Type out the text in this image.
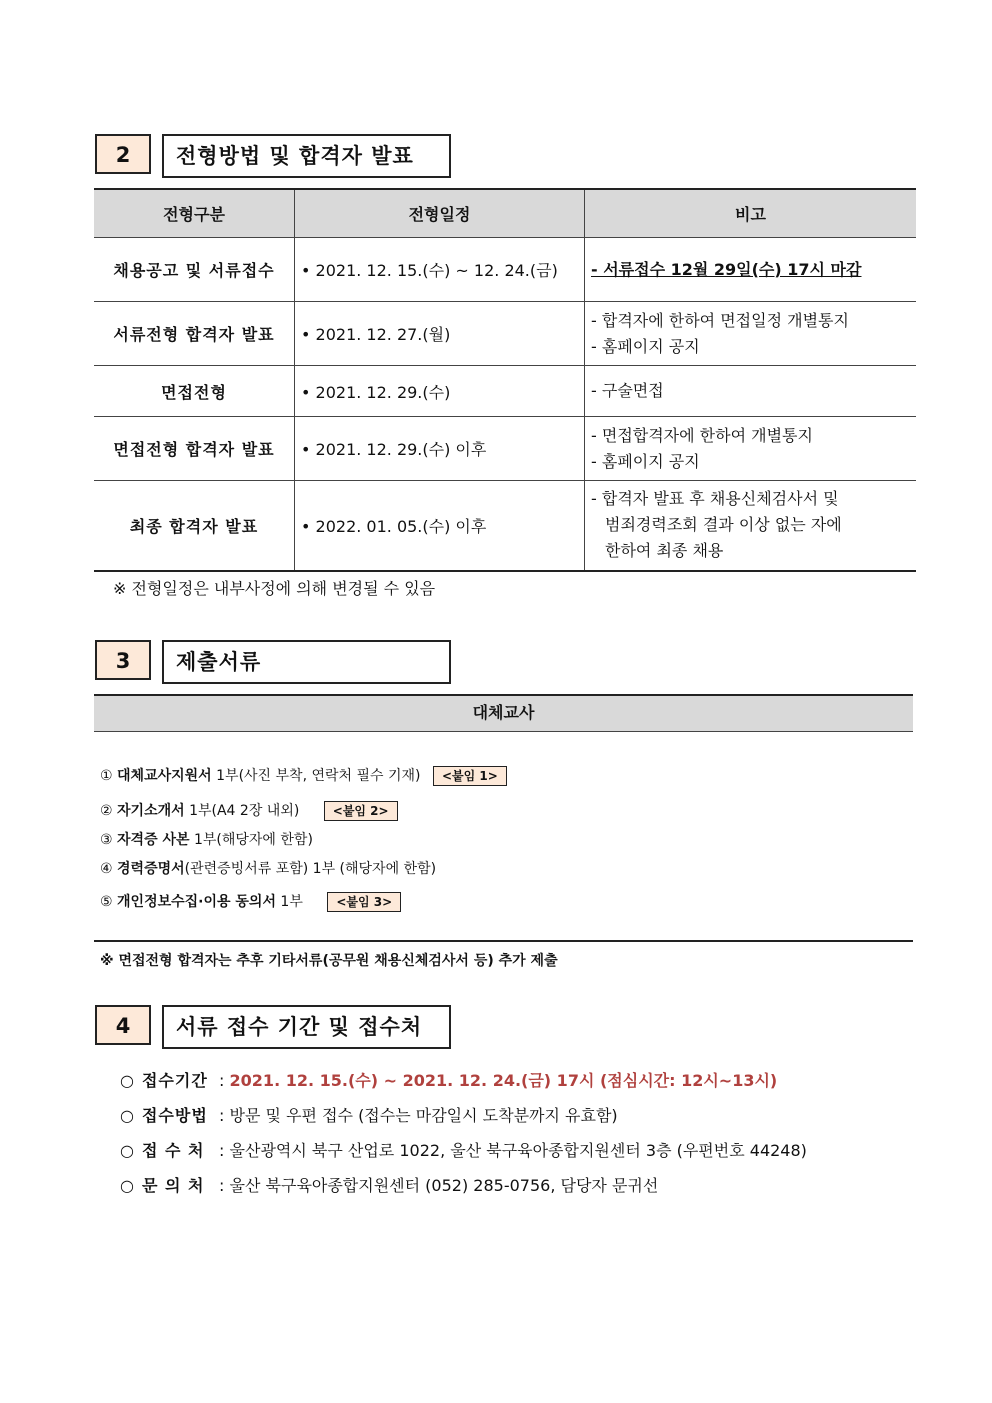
2	전형방법 및 합격자 발표
전형구분	전형일정	비고
채용공고 및 서류접수	• 2021. 12. 15.(수) ~ 12. 24.(금)	- 서류접수 12월 29일(수) 17시 마감

서류전형 합격자 발표	• 2021. 12. 27.(월)	- 합격자에 한하여 면접일정 개별통지
- 홈페이지 공지

면접전형	• 2021. 12. 29.(수)	- 구술면접

면접전형 합격자 발표	• 2021. 12. 29.(수) 이후	- 면접합격자에 한하여 개별통지
- 홈페이지 공지

최종 합격자 발표	• 2022. 01. 05.(수) 이후	- 합격자 발표 후 채용신체검사서 및
범죄경력조회 결과 이상 없는 자에
한하여 최종 채용
※ 전형일정은 내부사정에 의해 변경될 수 있음
3	제출서류
대체교사
① 대체교사지원서 1부(사진 부착, 연락처 필수 기재) <붙임 1>
② 자기소개서 1부(A4 2장 내외)	<붙임 2>
③ 자격증 사본 1부(해당자에 한함)
④ 경력증명서(관련증빙서류 포함) 1부 (해당자에 한함)
⑤ 개인정보수집·이용 동의서 1부	<붙임 3>
※ 면접전형 합격자는 추후 기타서류(공무원 채용신체검사서 등) 추가 제출
4	서류 접수 기간 및 접수처
○ 접수기간 : 2021. 12. 15.(수) ~ 2021. 12. 24.(금) 17시 (점심시간: 12시~13시)
○ 접수방법 : 방문 및 우편 접수 (접수는 마감일시 도착분까지 유효함)
○ 접 수 처 : 울산광역시 북구 산업로 1022, 울산 북구육아종합지원센터 3층 (우편번호 44248)
○ 문 의 처 : 울산 북구육아종합지원센터 (052) 285-0756, 담당자 문귀선
